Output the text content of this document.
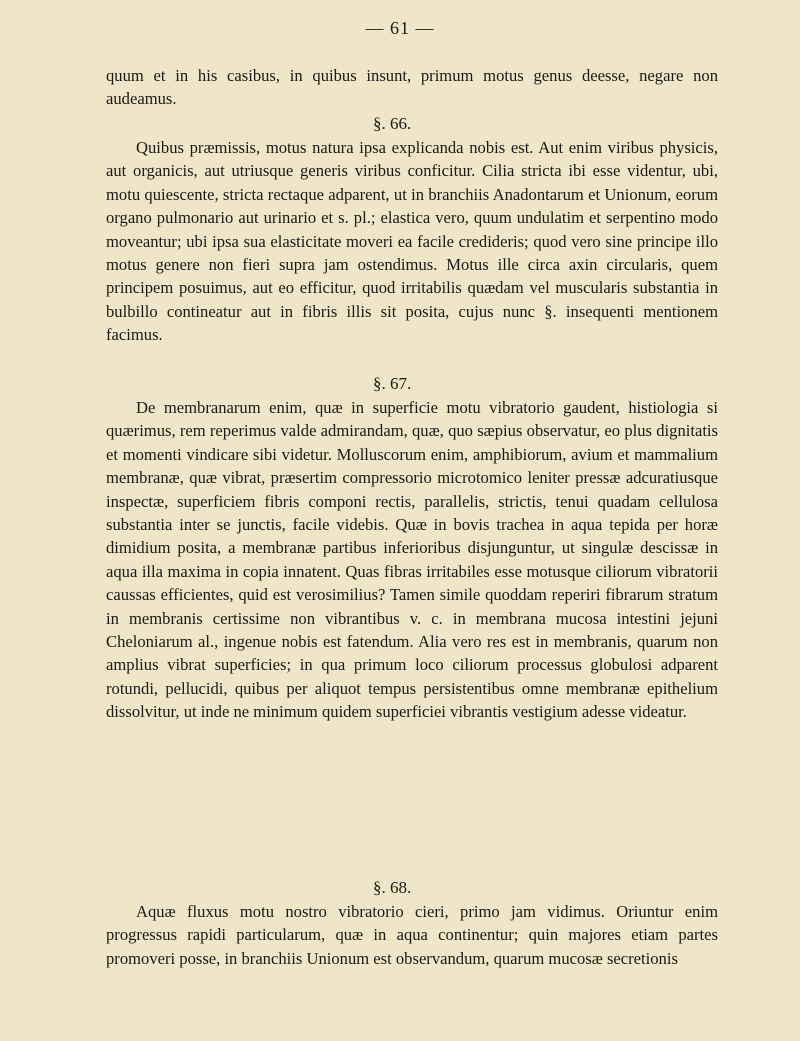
— 61 —

quum et in his casibus, in quibus insunt, primum motus genus deesse, negare non audeamus.

§. 66.

Quibus præmissis, motus natura ipsa explicanda nobis est. Aut enim viribus physicis, aut organicis, aut utriusque generis viribus conficitur. Cilia stricta ibi esse videntur, ubi, motu quiescente, stricta rectaque adparent, ut in branchiis Anadontarum et Unionum, eorum organo pulmonario aut urinario et s. pl.; elastica vero, quum undulatim et serpentino modo moveantur; ubi ipsa sua elasticitate moveri ea facile credideris; quod vero sine principe illo motus genere non fieri supra jam ostendimus. Motus ille circa axin circularis, quem principem posuimus, aut eo efficitur, quod irritabilis quædam vel muscularis substantia in bulbillo contineatur aut in fibris illis sit posita, cujus nunc §. insequenti mentionem facimus.

§. 67.

De membranarum enim, quæ in superficie motu vibratorio gaudent, histiologia si quærimus, rem reperimus valde admirandam, quæ, quo sæpius observatur, eo plus dignitatis et momenti vindicare sibi videtur. Molluscorum enim, amphibiorum, avium et mammalium membranæ, quæ vibrat, præsertim compressorio microtomico leniter pressæ adcuratiusque inspectæ, superficiem fibris componi rectis, parallelis, strictis, tenui quadam cellulosa substantia inter se junctis, facile videbis. Quæ in bovis trachea in aqua tepida per horæ dimidium posita, a membranæ partibus inferioribus disjunguntur, ut singulæ descissæ in aqua illa maxima in copia innatent. Quas fibras irritabiles esse motusque ciliorum vibratorii caussas efficientes, quid est verosimilius? Tamen simile quoddam reperiri fibrarum stratum in membranis certissime non vibrantibus v. c. in membrana mucosa intestini jejuni Cheloniarum al., ingenue nobis est fatendum. Alia vero res est in membranis, quarum non amplius vibrat superficies; in qua primum loco ciliorum processus globulosi adparent rotundi, pellucidi, quibus per aliquot tempus persistentibus omne membranæ epithelium dissolvitur, ut inde ne minimum quidem superficiei vibrantis vestigium adesse videatur.

§. 68.

Aquæ fluxus motu nostro vibratorio cieri, primo jam vidimus. Oriuntur enim progressus rapidi particularum, quæ in aqua continentur; quin majores etiam partes promoveri posse, in branchiis Unionum est observandum, quarum mucosæ secretionis
